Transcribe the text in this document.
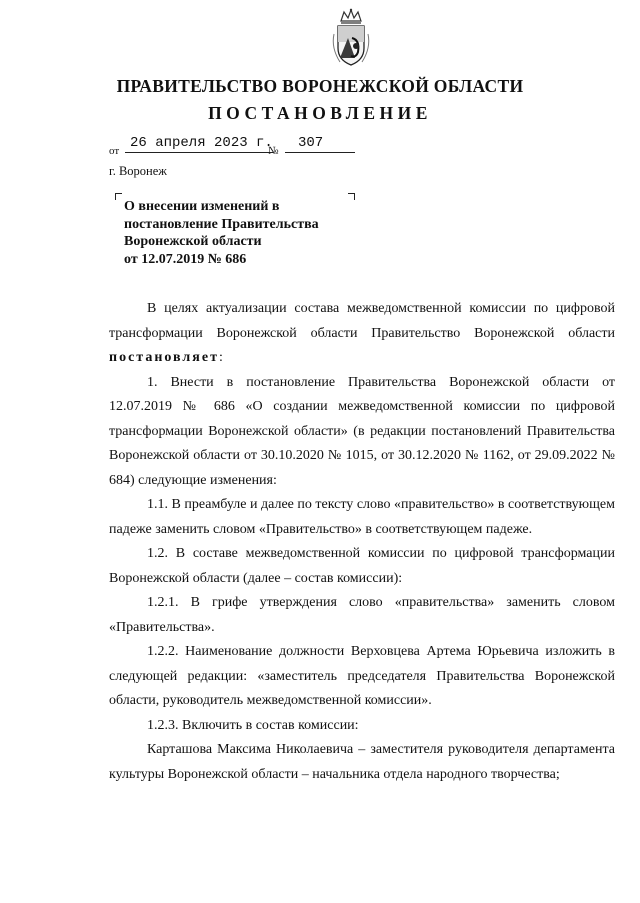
ПРАВИТЕЛЬСТВО ВОРОНЕЖСКОЙ ОБЛАСТИ
ПОСТАНОВЛЕНИЕ
от 26 апреля 2023 г.
№ 307
г. Воронеж
О внесении изменений в
постановление Правительства
Воронежской области
от 12.07.2019 № 686

В целях актуализации состава межведомственной комиссии по цифровой трансформации Воронежской области Правительство Воронежской области постановляет:

1. Внести в постановление Правительства Воронежской области от 12.07.2019 № 686 «О создании межведомственной комиссии по цифровой трансформации Воронежской области» (в редакции постановлений Правительства Воронежской области от 30.10.2020 № 1015, от 30.12.2020 № 1162, от 29.09.2022 № 684) следующие изменения:

1.1. В преамбуле и далее по тексту слово «правительство» в соответствующем падеже заменить словом «Правительство» в соответствующем падеже.

1.2. В составе межведомственной комиссии по цифровой трансформации Воронежской области (далее – состав комиссии):

1.2.1. В грифе утверждения слово «правительства» заменить словом «Правительства».

1.2.2. Наименование должности Верховцева Артема Юрьевича изложить в следующей редакции: «заместитель председателя Правительства Воронежской области, руководитель межведомственной комиссии».

1.2.3. Включить в состав комиссии:

Карташова Максима Николаевича – заместителя руководителя департамента культуры Воронежской области – начальника отдела народного творчества;
